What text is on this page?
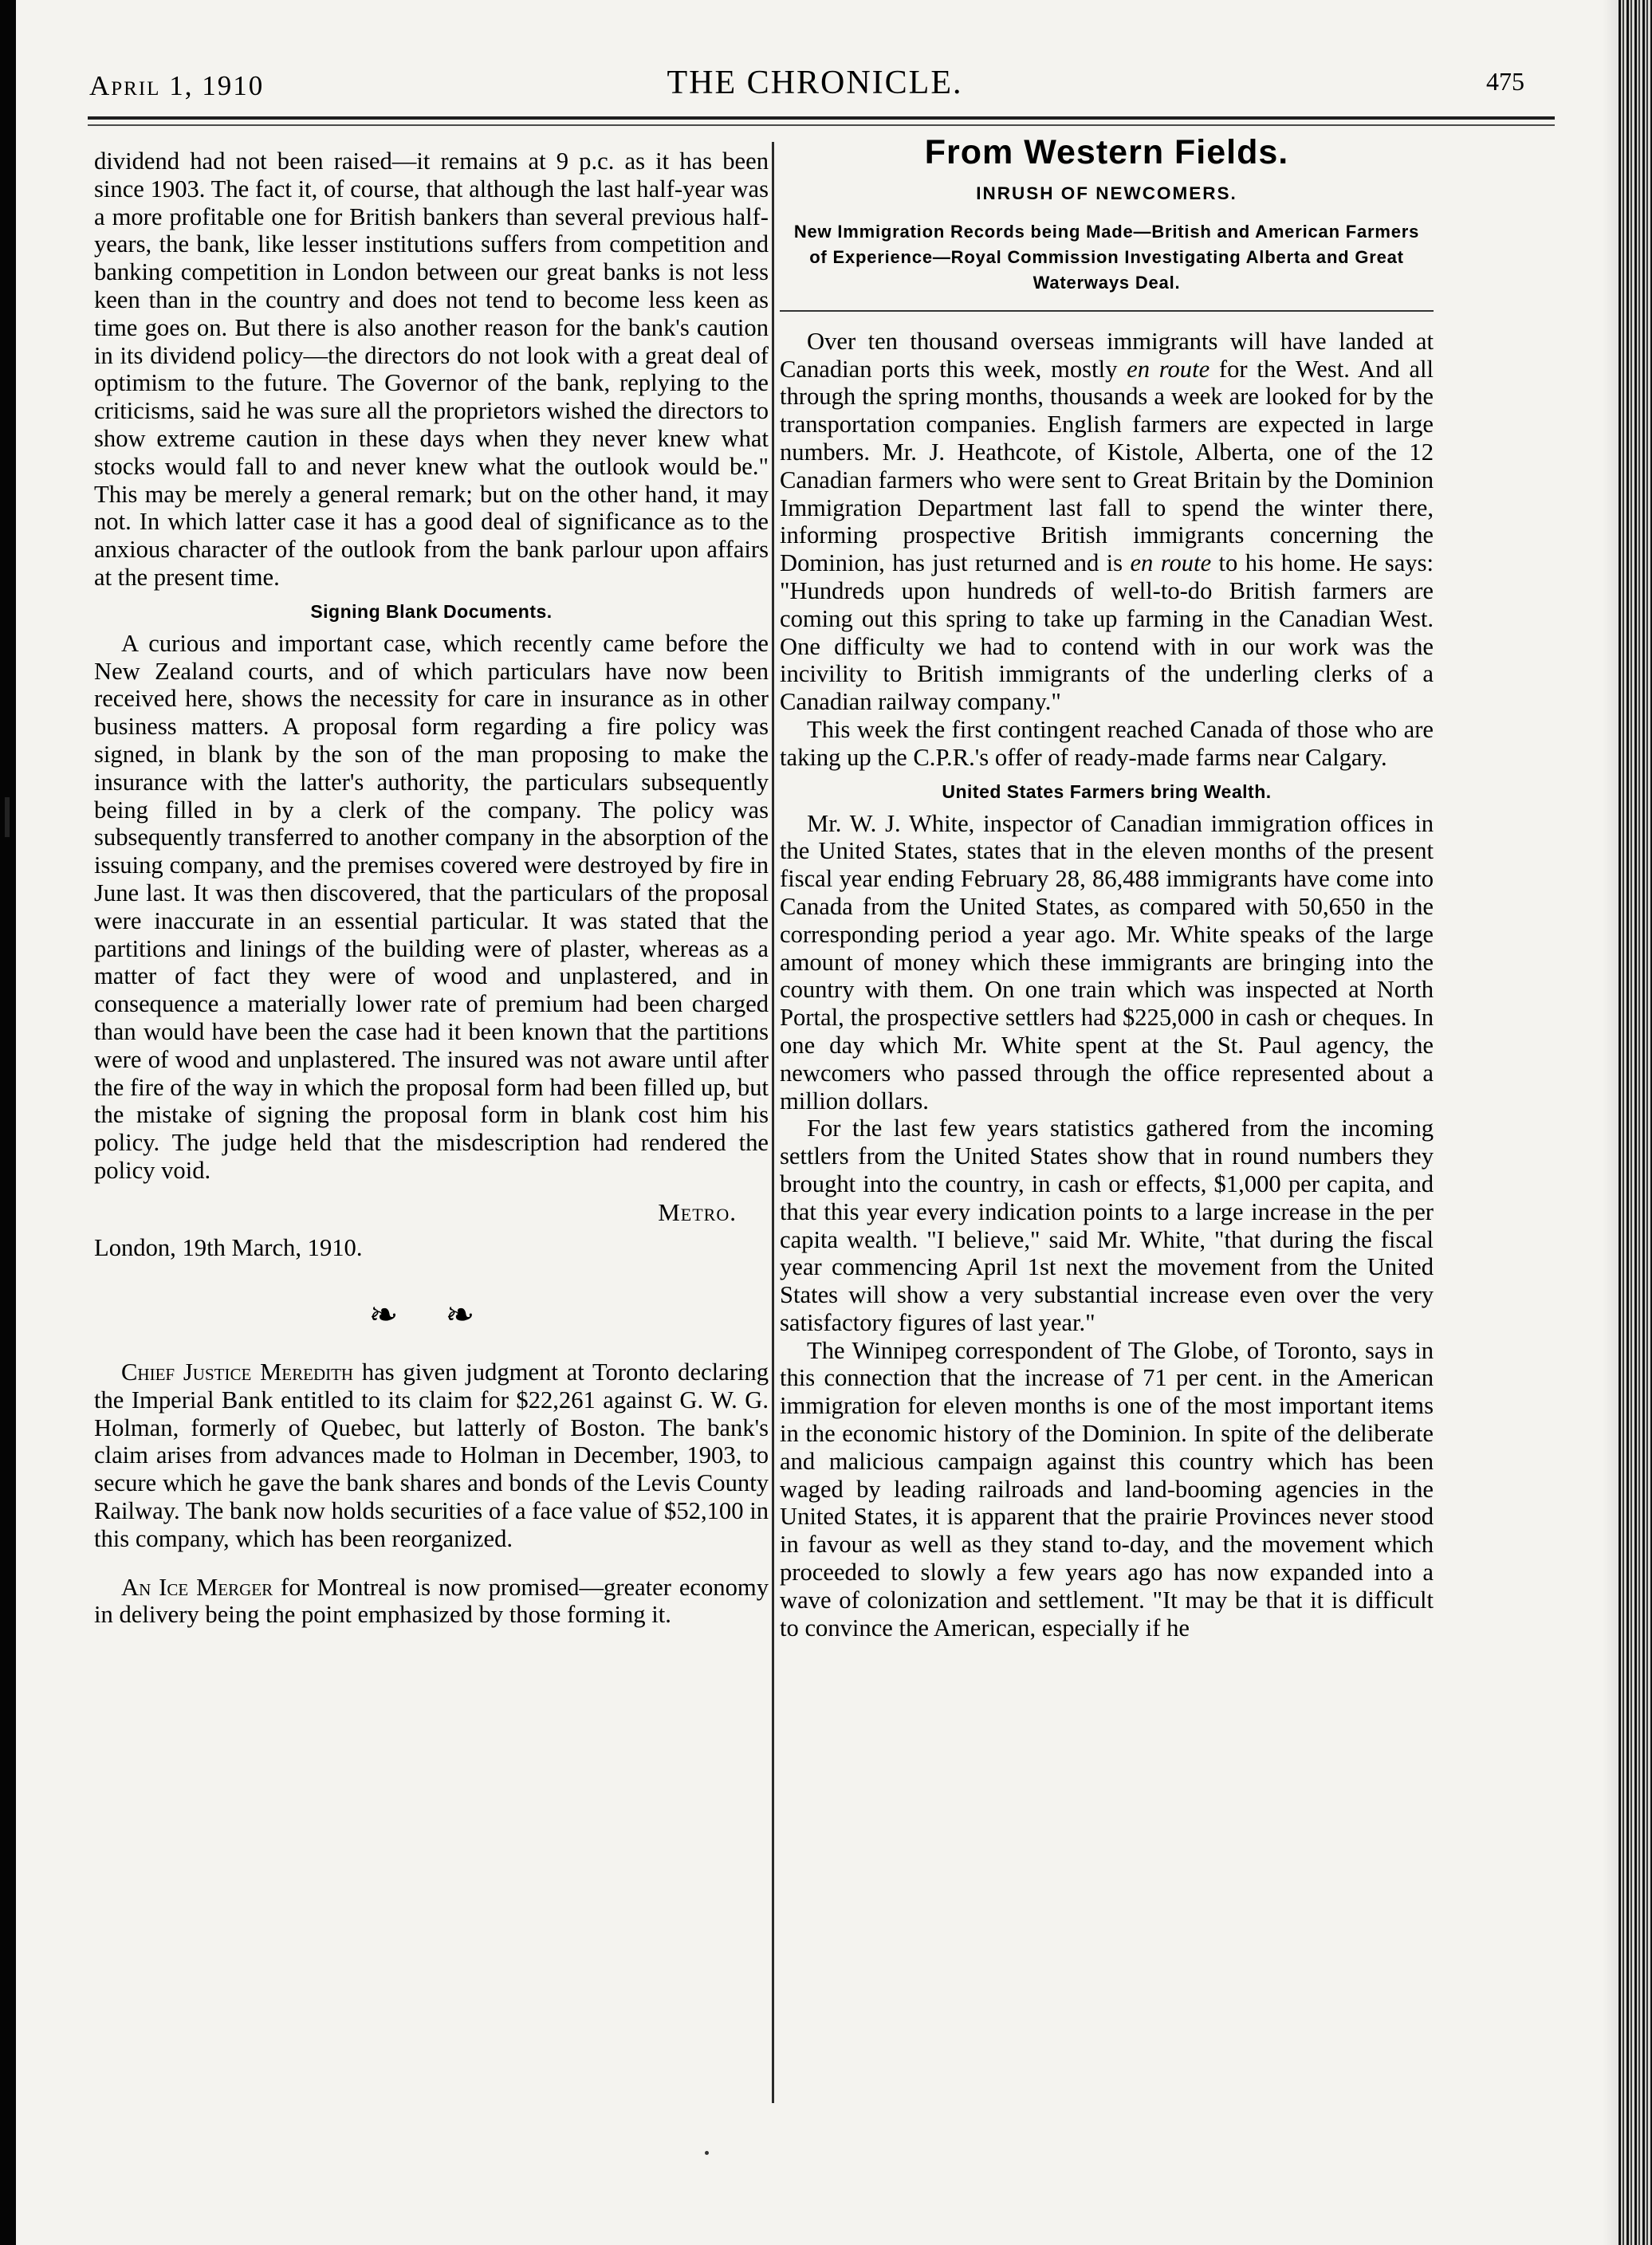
April 1, 1910	THE CHRONICLE.	475

dividend had not been raised—it remains at 9 p.c. as it has been since 1903. The fact it, of course, that although the last half-year was a more profitable one for British bankers than several previous half-years, the bank, like lesser institutions suffers from competition and banking competition in London between our great banks is not less keen than in the country and does not tend to become less keen as time goes on. But there is also another reason for the bank's caution in its dividend policy—the directors do not look with a great deal of optimism to the future. The Governor of the bank, replying to the criticisms, said he was sure all the proprietors wished the directors to show extreme caution in these days when they never knew what stocks would fall to and never knew what the outlook would be." This may be merely a general remark; but on the other hand, it may not. In which latter case it has a good deal of significance as to the anxious character of the outlook from the bank parlour upon affairs at the present time.

Signing Blank Documents.

A curious and important case, which recently came before the New Zealand courts, and of which particulars have now been received here, shows the necessity for care in insurance as in other business matters. A proposal form regarding a fire policy was signed, in blank by the son of the man proposing to make the insurance with the latter's authority, the particulars subsequently being filled in by a clerk of the company. The policy was subsequently transferred to another company in the absorption of the issuing company, and the premises covered were destroyed by fire in June last. It was then discovered, that the particulars of the proposal were inaccurate in an essential particular. It was stated that the partitions and linings of the building were of plaster, whereas as a matter of fact they were of wood and unplastered, and in consequence a materially lower rate of premium had been charged than would have been the case had it been known that the partitions were of wood and unplastered. The insured was not aware until after the fire of the way in which the proposal form had been filled up, but the mistake of signing the proposal form in blank cost him his policy. The judge held that the misdescription had rendered the policy void.

Metro.

London, 19th March, 1910.

❧ ❧

Chief Justice Meredith has given judgment at Toronto declaring the Imperial Bank entitled to its claim for $22,261 against G. W. G. Holman, formerly of Quebec, but latterly of Boston. The bank's claim arises from advances made to Holman in December, 1903, to secure which he gave the bank shares and bonds of the Levis County Railway. The bank now holds securities of a face value of $52,100 in this company, which has been reorganized.

An Ice Merger for Montreal is now promised—greater economy in delivery being the point emphasized by those forming it.

From Western Fields.
INRUSH OF NEWCOMERS.
New Immigration Records being Made—British and American Farmers of Experience—Royal Commission Investigating Alberta and Great Waterways Deal.

Over ten thousand overseas immigrants will have landed at Canadian ports this week, mostly en route for the West. And all through the spring months, thousands a week are looked for by the transportation companies. English farmers are expected in large numbers. Mr. J. Heathcote, of Kistole, Alberta, one of the 12 Canadian farmers who were sent to Great Britain by the Dominion Immigration Department last fall to spend the winter there, informing prospective British immigrants concerning the Dominion, has just returned and is en route to his home. He says: "Hundreds upon hundreds of well-to-do British farmers are coming out this spring to take up farming in the Canadian West. One difficulty we had to contend with in our work was the incivility to British immigrants of the underling clerks of a Canadian railway company."

This week the first contingent reached Canada of those who are taking up the C.P.R.'s offer of ready-made farms near Calgary.

United States Farmers bring Wealth.

Mr. W. J. White, inspector of Canadian immigration offices in the United States, states that in the eleven months of the present fiscal year ending February 28, 86,488 immigrants have come into Canada from the United States, as compared with 50,650 in the corresponding period a year ago. Mr. White speaks of the large amount of money which these immigrants are bringing into the country with them. On one train which was inspected at North Portal, the prospective settlers had $225,000 in cash or cheques. In one day which Mr. White spent at the St. Paul agency, the newcomers who passed through the office represented about a million dollars.

For the last few years statistics gathered from the incoming settlers from the United States show that in round numbers they brought into the country, in cash or effects, $1,000 per capita, and that this year every indication points to a large increase in the per capita wealth. "I believe," said Mr. White, "that during the fiscal year commencing April 1st next the movement from the United States will show a very substantial increase even over the very satisfactory figures of last year."

The Winnipeg correspondent of The Globe, of Toronto, says in this connection that the increase of 71 per cent. in the American immigration for eleven months is one of the most important items in the economic history of the Dominion. In spite of the deliberate and malicious campaign against this country which has been waged by leading railroads and land-booming agencies in the United States, it is apparent that the prairie Provinces never stood in favour as well as they stand to-day, and the movement which proceeded to slowly a few years ago has now expanded into a wave of colonization and settlement. "It may be that it is difficult to convince the American, especially if he
